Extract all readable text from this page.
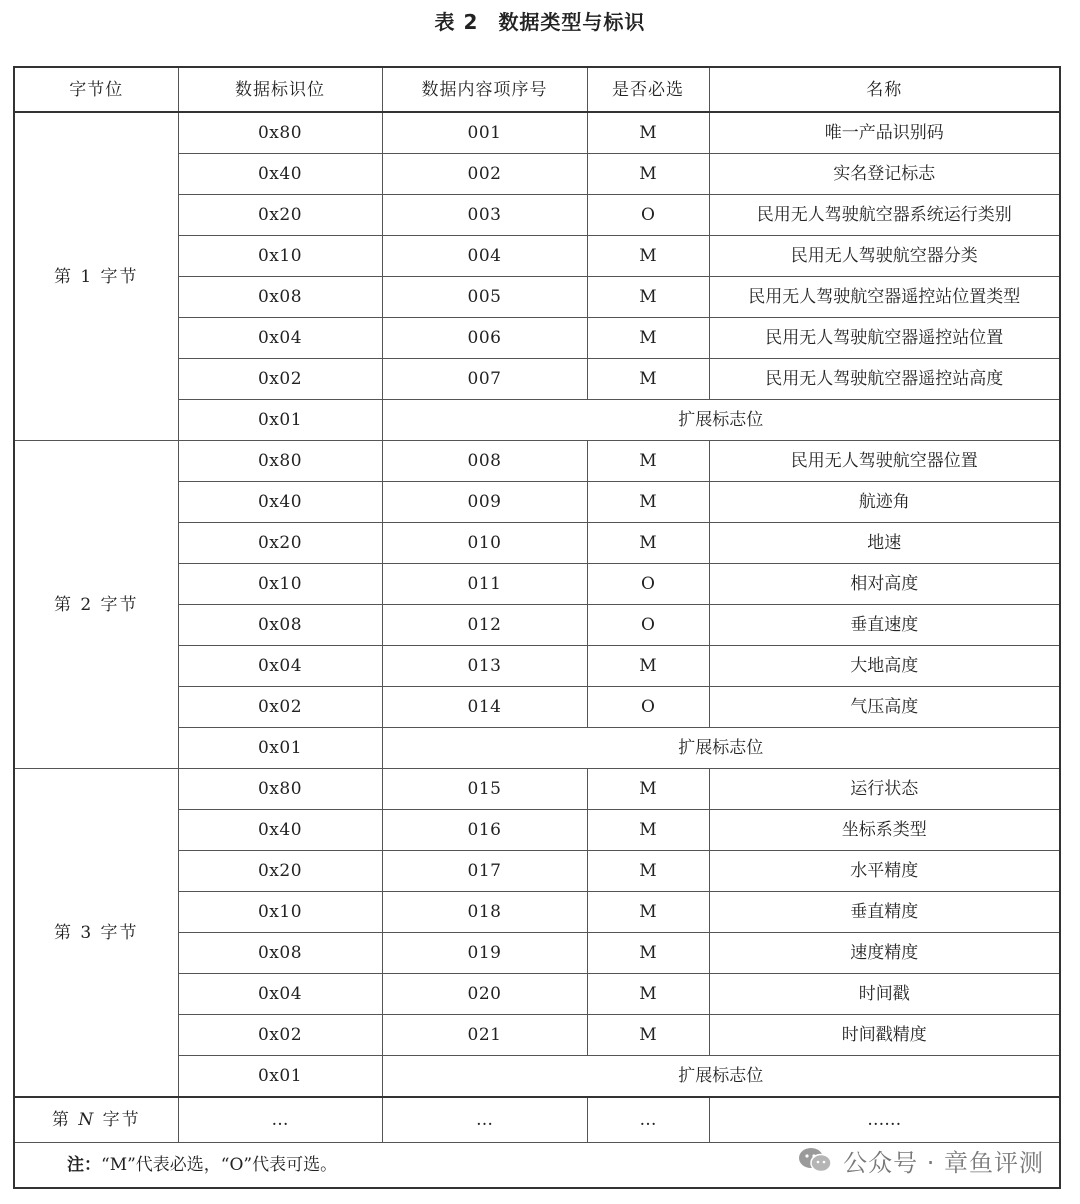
表 2 数据类型与标识
字节位	数据标识位	数据内容项序号	是否必选	名称
第 1 字节	0x80	001	M	唯一产品识别码
	0x40	002	M	实名登记标志
	0x20	003	O	民用无人驾驶航空器系统运行类别
	0x10	004	M	民用无人驾驶航空器分类
	0x08	005	M	民用无人驾驶航空器遥控站位置类型
	0x04	006	M	民用无人驾驶航空器遥控站位置
	0x02	007	M	民用无人驾驶航空器遥控站高度
	0x01	扩展标志位		
第 2 字节	0x80	008	M	民用无人驾驶航空器位置
	0x40	009	M	航迹角
	0x20	010	M	地速
	0x10	011	O	相对高度
	0x08	012	O	垂直速度
	0x04	013	M	大地高度
	0x02	014	O	气压高度
	0x01	扩展标志位		
第 3 字节	0x80	015	M	运行状态
	0x40	016	M	坐标系类型
	0x20	017	M	水平精度
	0x10	018	M	垂直精度
	0x08	019	M	速度精度
	0x04	020	M	时间戳
	0x02	021	M	时间戳精度
	0x01	扩展标志位		
第 N 字节	…	…	…	……
注：“M”代表必选，“O”代表可选。					公众号 · 章鱼评测
